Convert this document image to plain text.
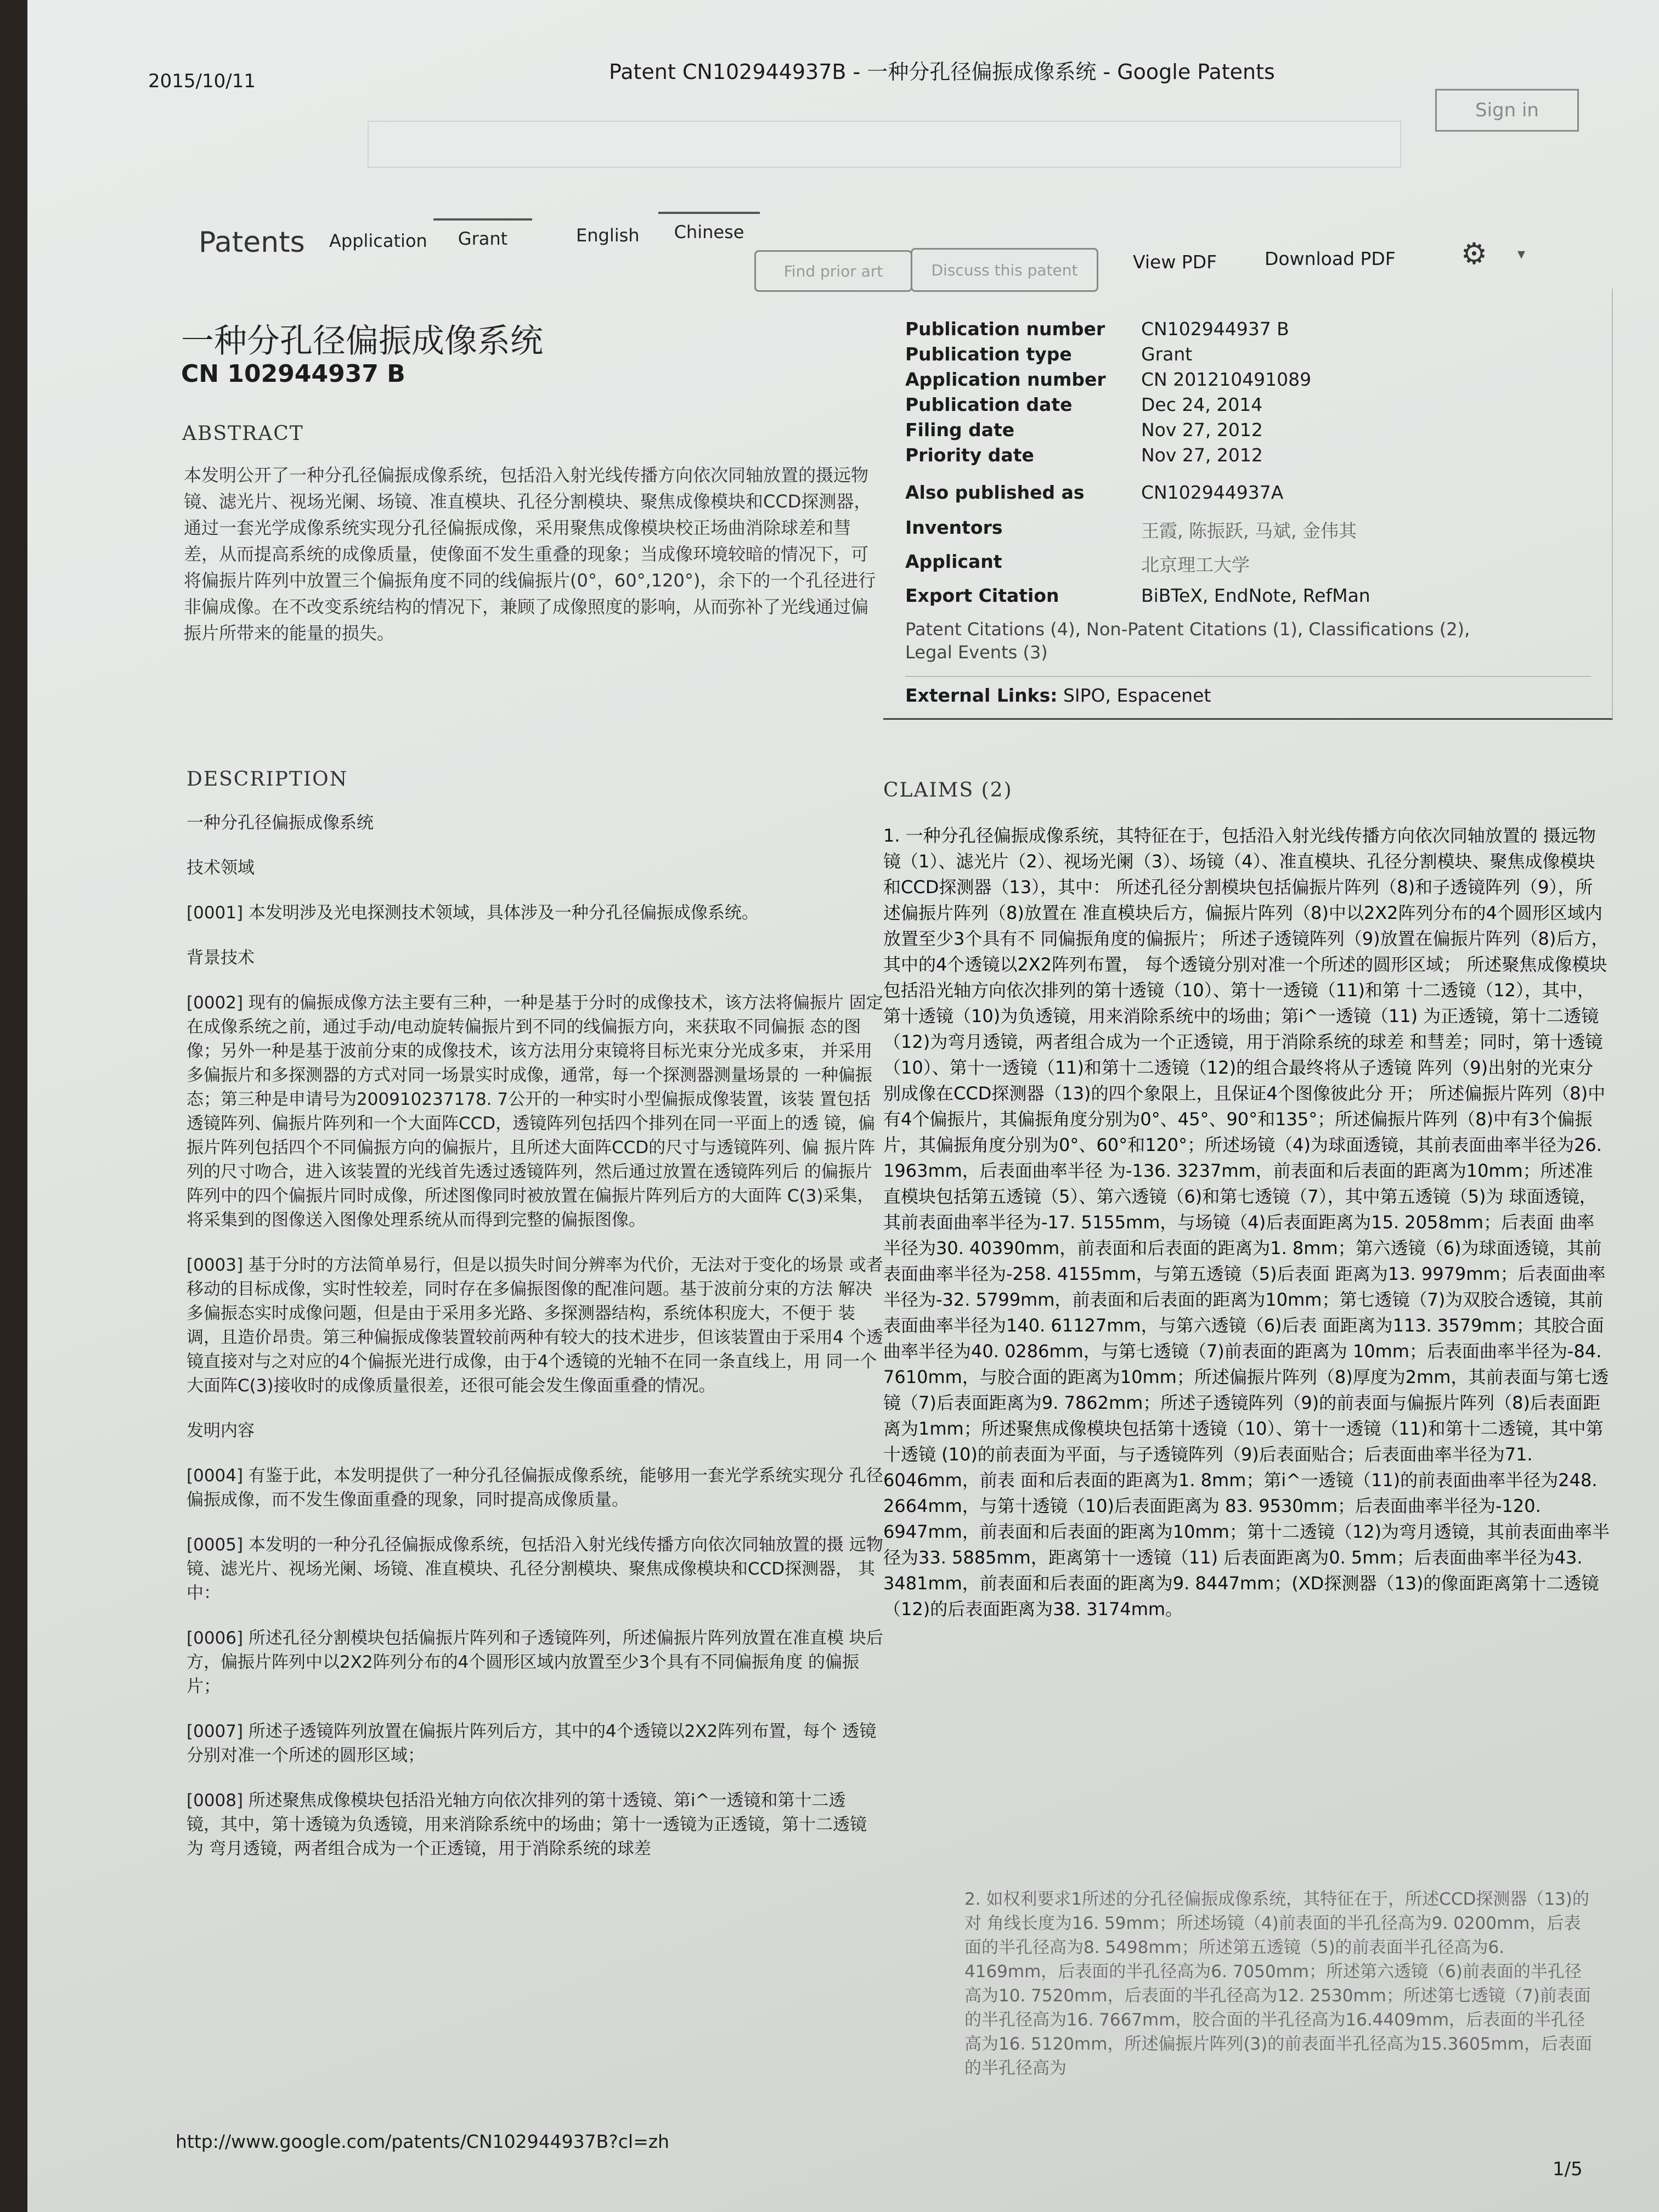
2015/10/11	Patent CN102944937B - 一种分孔径偏振成像系统 - Google Patents
Sign in
Patents Application	Grant	English	Chinese
Find prior art	Discuss this patent	View PDF	Download PDF ⚙ ▾
一种分孔径偏振成像系统
CN 102944937 B
ABSTRACT
本发明公开了一种分孔径偏振成像系统，包括沿入射光线传播方向依次同轴放置的摄远物镜、滤光片、视场光阑、场镜、准直模块、孔径分割模块、聚焦成像模块和CCD探测器，通过一套光学成像系统实现分孔径偏振成像，采用聚焦成像模块校正场曲消除球差和彗差，从而提高系统的成像质量，使像面不发生重叠的现象；当成像环境较暗的情况下，可将偏振片阵列中放置三个偏振角度不同的线偏振片(0°，60°,120°)，余下的一个孔径进行非偏成像。在不改变系统结构的情况下，兼顾了成像照度的影响，从而弥补了光线通过偏振片所带来的能量的损失。
Publication number CN102944937 B
Publication type	Grant
Application number CN 201210491089
Publication date	Dec 24, 2014
Filing date	Nov 27, 2012
Priority date	Nov 27, 2012
Also published as	CN102944937A
Inventors	王霞, 陈振跃, 马斌, 金伟其
Applicant	北京理工大学
Export Citation	BiBTeX, EndNote, RefMan
Patent Citations (4), Non-Patent Citations (1), Classifications (2),
Legal Events (3)
External Links: SIPO, Espacenet
DESCRIPTION

一种分孔径偏振成像系统

技术领域

[0001] 本发明涉及光电探测技术领域，具体涉及一种分孔径偏振成像系统。

背景技术

[0002] 现有的偏振成像方法主要有三种，一种是基于分时的成像技术，该方法将偏振片 固定在成像系统之前，通过手动/电动旋转偏振片到不同的线偏振方向，来获取不同偏振 态的图像；另外一种是基于波前分束的成像技术，该方法用分束镜将目标光束分光成多束， 并采用多偏振片和多探测器的方式对同一场景实时成像，通常，每一个探测器测量场景的 一种偏振态；第三种是申请号为200910237178. 7公开的一种实时小型偏振成像装置，该装 置包括透镜阵列、偏振片阵列和一个大面阵CCD，透镜阵列包括四个排列在同一平面上的透 镜，偏振片阵列包括四个不同偏振方向的偏振片，且所述大面阵CCD的尺寸与透镜阵列、偏 振片阵列的尺寸吻合，进入该装置的光线首先透过透镜阵列，然后通过放置在透镜阵列后 的偏振片阵列中的四个偏振片同时成像，所述图像同时被放置在偏振片阵列后方的大面阵 C(3)采集，将采集到的图像送入图像处理系统从而得到完整的偏振图像。

[0003] 基于分时的方法简单易行，但是以损失时间分辨率为代价，无法对于变化的场景 或者移动的目标成像，实时性较差，同时存在多偏振图像的配准问题。基于波前分束的方法 解决多偏振态实时成像问题，但是由于采用多光路、多探测器结构，系统体积庞大，不便于 装调，且造价昂贵。第三种偏振成像装置较前两种有较大的技术进步，但该装置由于采用4 个透镜直接对与之对应的4个偏振光进行成像，由于4个透镜的光轴不在同一条直线上，用 同一个大面阵C(3)接收时的成像质量很差，还很可能会发生像面重叠的情况。

发明内容

[0004] 有鉴于此，本发明提供了一种分孔径偏振成像系统，能够用一套光学系统实现分 孔径偏振成像，而不发生像面重叠的现象，同时提高成像质量。

[0005] 本发明的一种分孔径偏振成像系统，包括沿入射光线传播方向依次同轴放置的摄 远物镜、滤光片、视场光阑、场镜、准直模块、孔径分割模块、聚焦成像模块和CCD探测器， 其 中：

[0006] 所述孔径分割模块包括偏振片阵列和子透镜阵列，所述偏振片阵列放置在准直模 块后方，偏振片阵列中以2X2阵列分布的4个圆形区域内放置至少3个具有不同偏振角度 的偏振片；

[0007] 所述子透镜阵列放置在偏振片阵列后方，其中的4个透镜以2X2阵列布置，每个 透镜分别对准一个所述的圆形区域；

[0008] 所述聚焦成像模块包括沿光轴方向依次排列的第十透镜、第i^一透镜和第十二透 镜，其中，第十透镜为负透镜，用来消除系统中的场曲；第十一透镜为正透镜，第十二透镜为 弯月透镜，两者组合成为一个正透镜，用于消除系统的球差

CLAIMS (2)

1. 一种分孔径偏振成像系统，其特征在于，包括沿入射光线传播方向依次同轴放置的 摄远物镜（1）、滤光片（2）、视场光阑（3）、场镜（4）、准直模块、孔径分割模块、聚焦成像模块 和CCD探测器（13），其中： 所述孔径分割模块包括偏振片阵列（8)和子透镜阵列（9），所述偏振片阵列（8)放置在 准直模块后方，偏振片阵列（8)中以2X2阵列分布的4个圆形区域内放置至少3个具有不 同偏振角度的偏振片； 所述子透镜阵列（9)放置在偏振片阵列（8)后方，其中的4个透镜以2X2阵列布置， 每个透镜分别对准一个所述的圆形区域； 所述聚焦成像模块包括沿光轴方向依次排列的第十透镜（10）、第十一透镜（11)和第 十二透镜（12），其中，第十透镜（10)为负透镜，用来消除系统中的场曲；第i^一透镜（11) 为正透镜，第十二透镜（12)为弯月透镜，两者组合成为一个正透镜，用于消除系统的球差 和彗差；同时，第十透镜（10）、第十一透镜（11)和第十二透镜（12)的组合最终将从子透镜 阵列（9)出射的光束分别成像在CCD探测器（13)的四个象限上，且保证4个图像彼此分 开； 所述偏振片阵列（8)中有4个偏振片，其偏振角度分别为0°、45°、90°和135°；所述偏振片阵列（8)中有3个偏振片，其偏振角度分别为0°、60°和120°；所述场镜（4)为球面透镜，其前表面曲率半径为26. 1963mm，后表面曲率半径 为-136. 3237mm，前表面和后表面的距离为10mm；所述准直模块包括第五透镜（5）、第六透镜（6)和第七透镜（7），其中第五透镜（5)为 球面透镜，其前表面曲率半径为-17. 5155mm，与场镜（4)后表面距离为15. 2058mm；后表面 曲率半径为30. 40390mm，前表面和后表面的距离为1. 8mm；第六透镜（6)为球面透镜，其前表面曲率半径为-258. 4155mm，与第五透镜（5)后表面 距离为13. 9979mm；后表面曲率半径为-32. 5799mm，前表面和后表面的距离为10mm；第七透镜（7)为双胶合透镜，其前表面曲率半径为140. 61127mm，与第六透镜（6)后表 面距离为113. 3579mm；其胶合面曲率半径为40. 0286mm，与第七透镜（7)前表面的距离为 10mm；后表面曲率半径为-84. 7610mm，与胶合面的距离为10mm；所述偏振片阵列（8)厚度为2mm，其前表面与第七透镜（7)后表面距离为9. 7862mm；所述子透镜阵列（9)的前表面与偏振片阵列（8)后表面距离为1mm；所述聚焦成像模块包括第十透镜（10）、第十一透镜（11)和第十二透镜，其中第十透镜 (10)的前表面为平面，与子透镜阵列（9)后表面贴合；后表面曲率半径为71. 6046mm，前表 面和后表面的距离为1. 8mm；第i^一透镜（11)的前表面曲率半径为248. 2664mm，与第十透镜（10)后表面距离为 83. 9530mm；后表面曲率半径为-120. 6947mm，前表面和后表面的距离为10mm；第十二透镜（12)为弯月透镜，其前表面曲率半径为33. 5885mm，距离第十一透镜（11) 后表面距离为0. 5mm；后表面曲率半径为43. 3481mm，前表面和后表面的距离为9. 8447mm；(XD探测器（13)的像面距离第十二透镜（12)的后表面距离为38. 3174mm。

2. 如权利要求1所述的分孔径偏振成像系统，其特征在于，所述CCD探测器（13)的对 角线长度为16. 59mm；所述场镜（4)前表面的半孔径高为9. 0200mm，后表面的半孔径高为8. 5498mm；所述第五透镜（5)的前表面半孔径高为6. 4169mm，后表面的半孔径高为6. 7050mm；所述第六透镜（6)前表面的半孔径高为10. 7520mm，后表面的半孔径高为12. 2530mm；所述第七透镜（7)前表面的半孔径高为16. 7667mm，胶合面的半孔径高为16.4409mm，后表面的半孔径高为16. 5120mm，所述偏振片阵列(3)的前表面半孔径高为15.3605mm，后表面的半孔径高为
http://www.google.com/patents/CN102944937B?cl=zh
1/5
